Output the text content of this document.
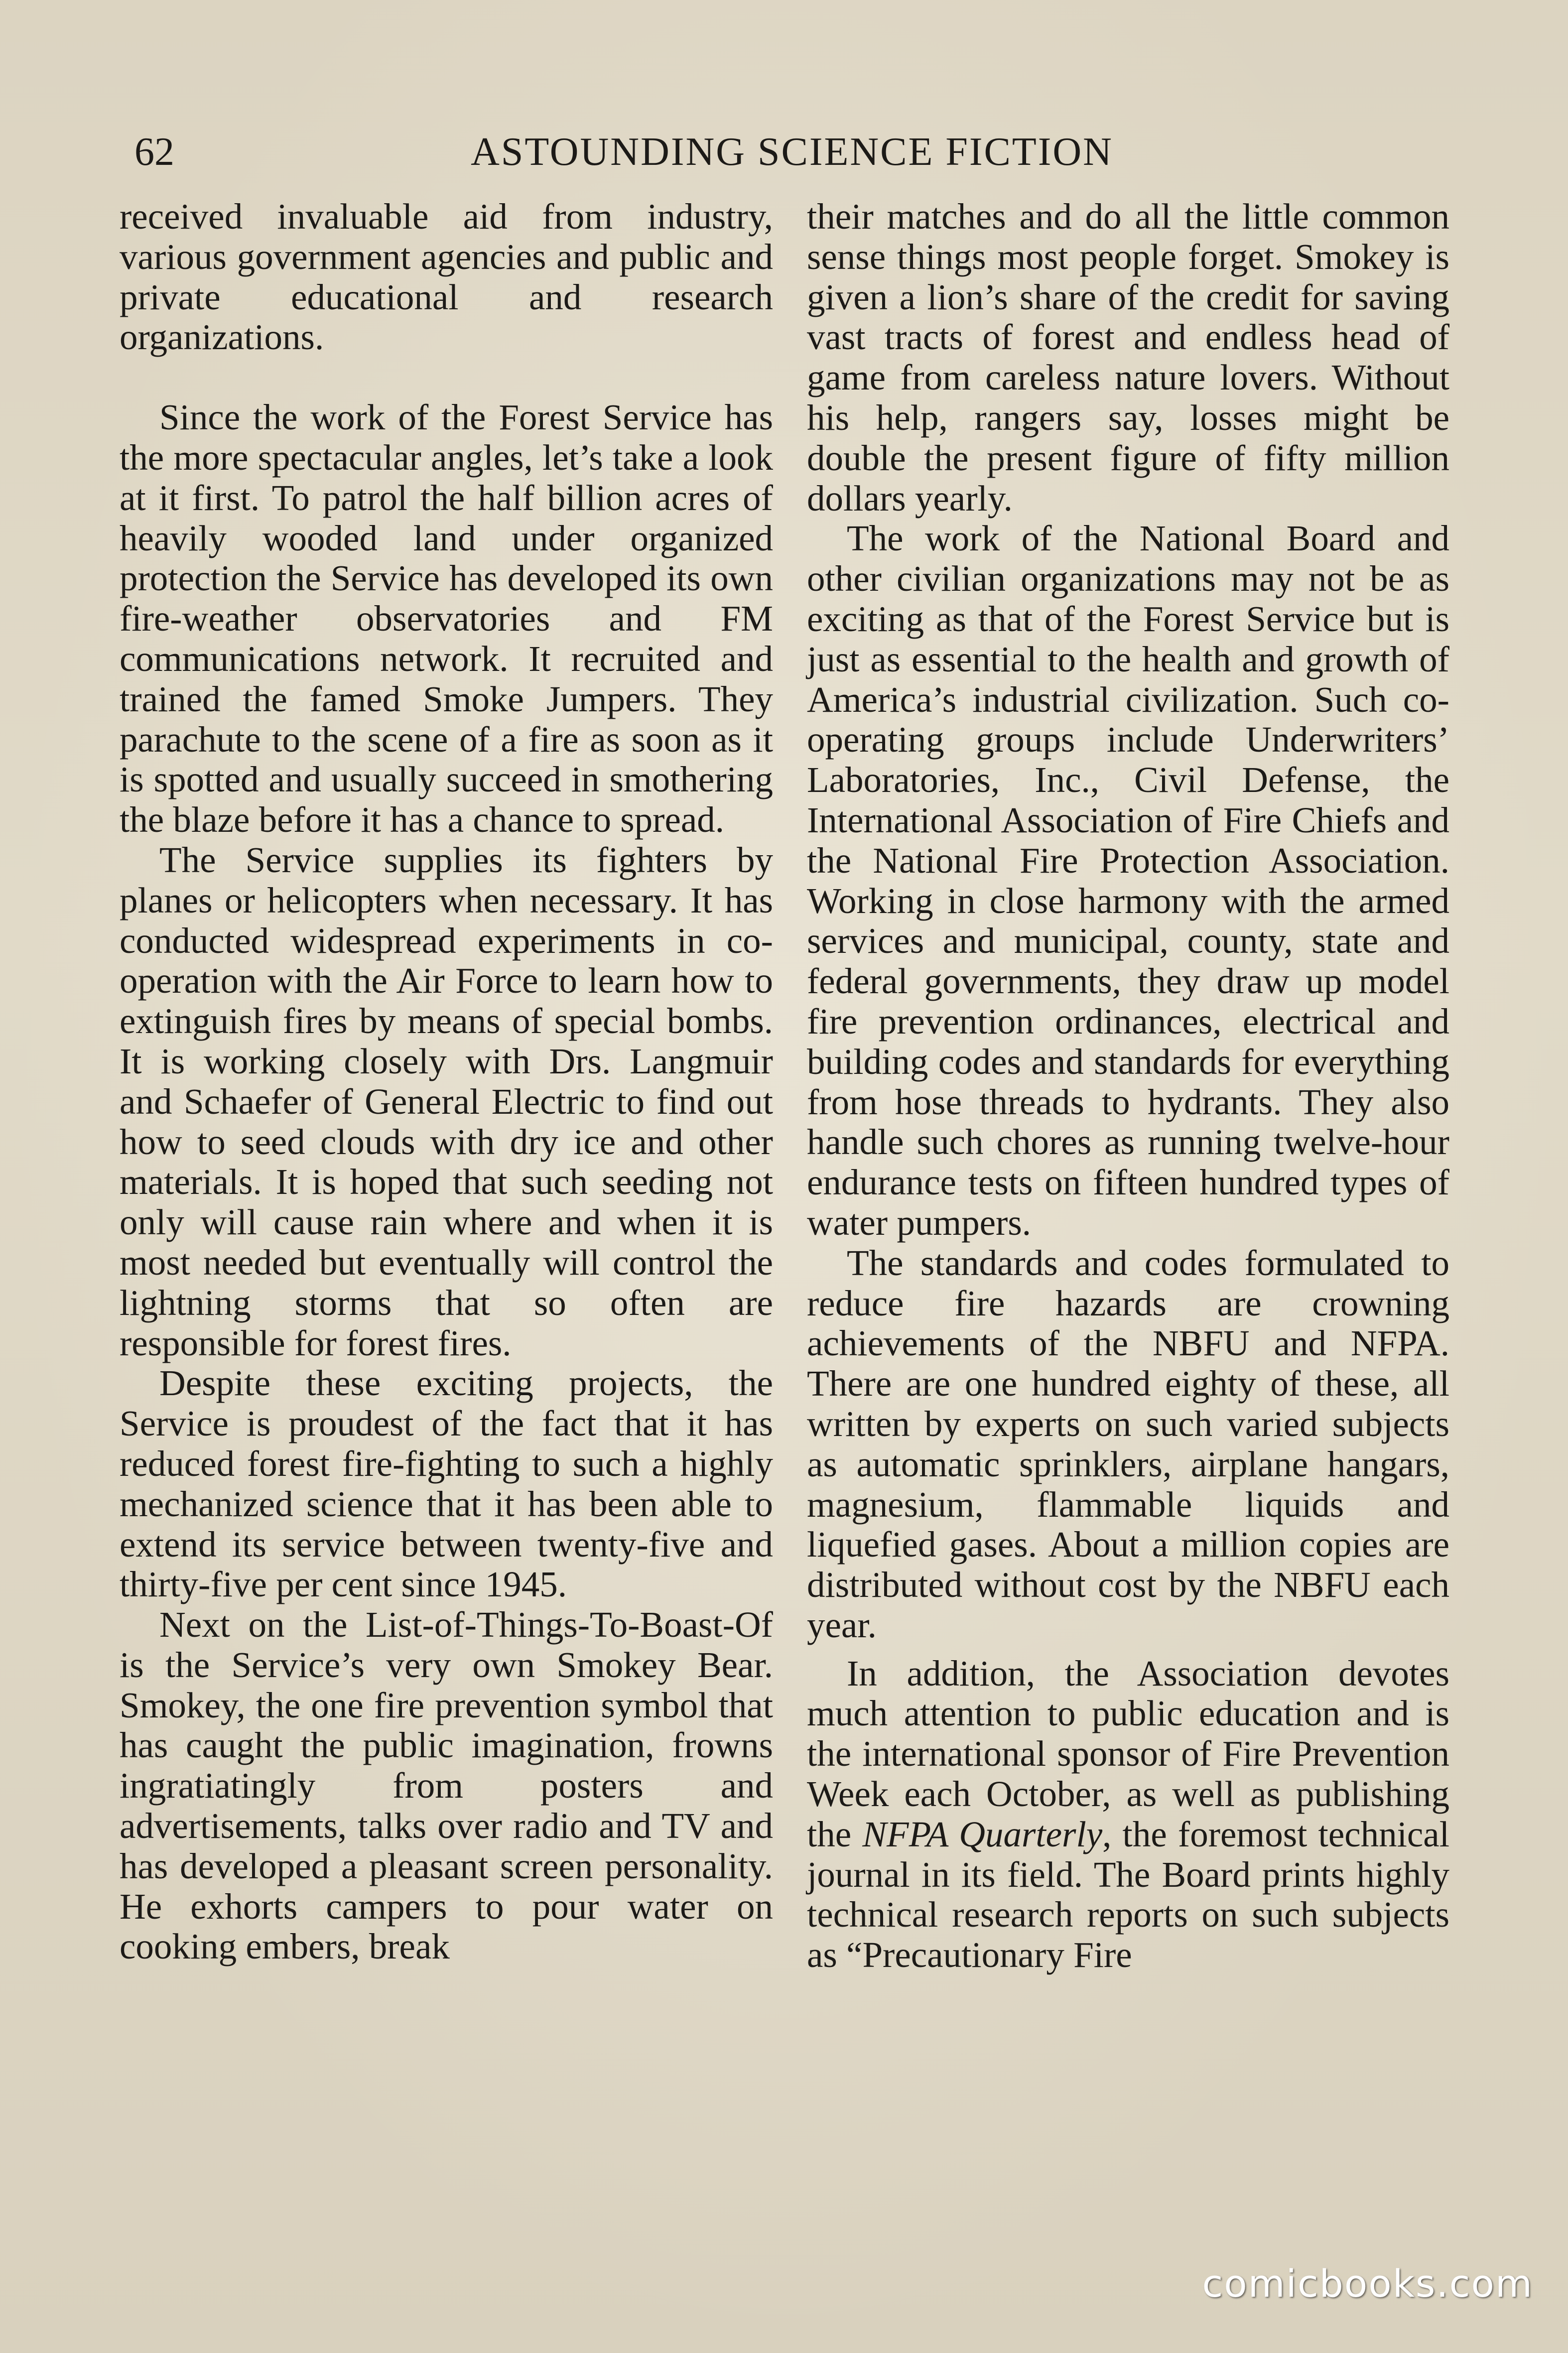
62	ASTOUNDING SCIENCE FICTION

received invaluable aid from industry, various government agencies and public and private educational and research organizations.

Since the work of the Forest Service has the more spectacular angles, let’s take a look at it first. To patrol the half billion acres of heavily wooded land under organized protection the Service has developed its own fire-weather observatories and FM communications network. It recruited and trained the famed Smoke Jumpers. They parachute to the scene of a fire as soon as it is spotted and usually succeed in smothering the blaze before it has a chance to spread.

The Service supplies its fighters by planes or helicopters when necessary. It has conducted widespread experiments in co-operation with the Air Force to learn how to extinguish fires by means of special bombs. It is working closely with Drs. Langmuir and Schaefer of General Electric to find out how to seed clouds with dry ice and other materials. It is hoped that such seeding not only will cause rain where and when it is most needed but eventually will control the lightning storms that so often are responsible for forest fires.

Despite these exciting projects, the Service is proudest of the fact that it has reduced forest fire-fighting to such a highly mechanized science that it has been able to extend its service between twenty-five and thirty-five per cent since 1945.

Next on the List-of-Things-To-Boast-Of is the Service’s very own Smokey Bear. Smokey, the one fire prevention symbol that has caught the public imagination, frowns ingratiatingly from posters and advertisements, talks over radio and TV and has developed a pleasant screen personality. He exhorts campers to pour water on cooking embers, break

their matches and do all the little common sense things most people forget. Smokey is given a lion’s share of the credit for saving vast tracts of forest and endless head of game from careless nature lovers. Without his help, rangers say, losses might be double the present figure of fifty million dollars yearly.

The work of the National Board and other civilian organizations may not be as exciting as that of the Forest Service but is just as essential to the health and growth of America’s industrial civilization. Such co-operating groups include Underwriters’ Laboratories, Inc., Civil Defense, the International Association of Fire Chiefs and the National Fire Protection Association. Working in close harmony with the armed services and municipal, county, state and federal governments, they draw up model fire prevention ordinances, electrical and building codes and standards for everything from hose threads to hydrants. They also handle such chores as running twelve-hour endurance tests on fifteen hundred types of water pumpers.

The standards and codes formulated to reduce fire hazards are crowning achievements of the NBFU and NFPA. There are one hundred eighty of these, all written by experts on such varied subjects as automatic sprinklers, airplane hangars, magnesium, flammable liquids and liquefied gases. About a million copies are distributed without cost by the NBFU each year.

In addition, the Association devotes much attention to public education and is the international sponsor of Fire Prevention Week each October, as well as publishing the NFPA Quarterly, the foremost technical journal in its field. The Board prints highly technical research reports on such subjects as “Precautionary Fire

comicbooks.com
